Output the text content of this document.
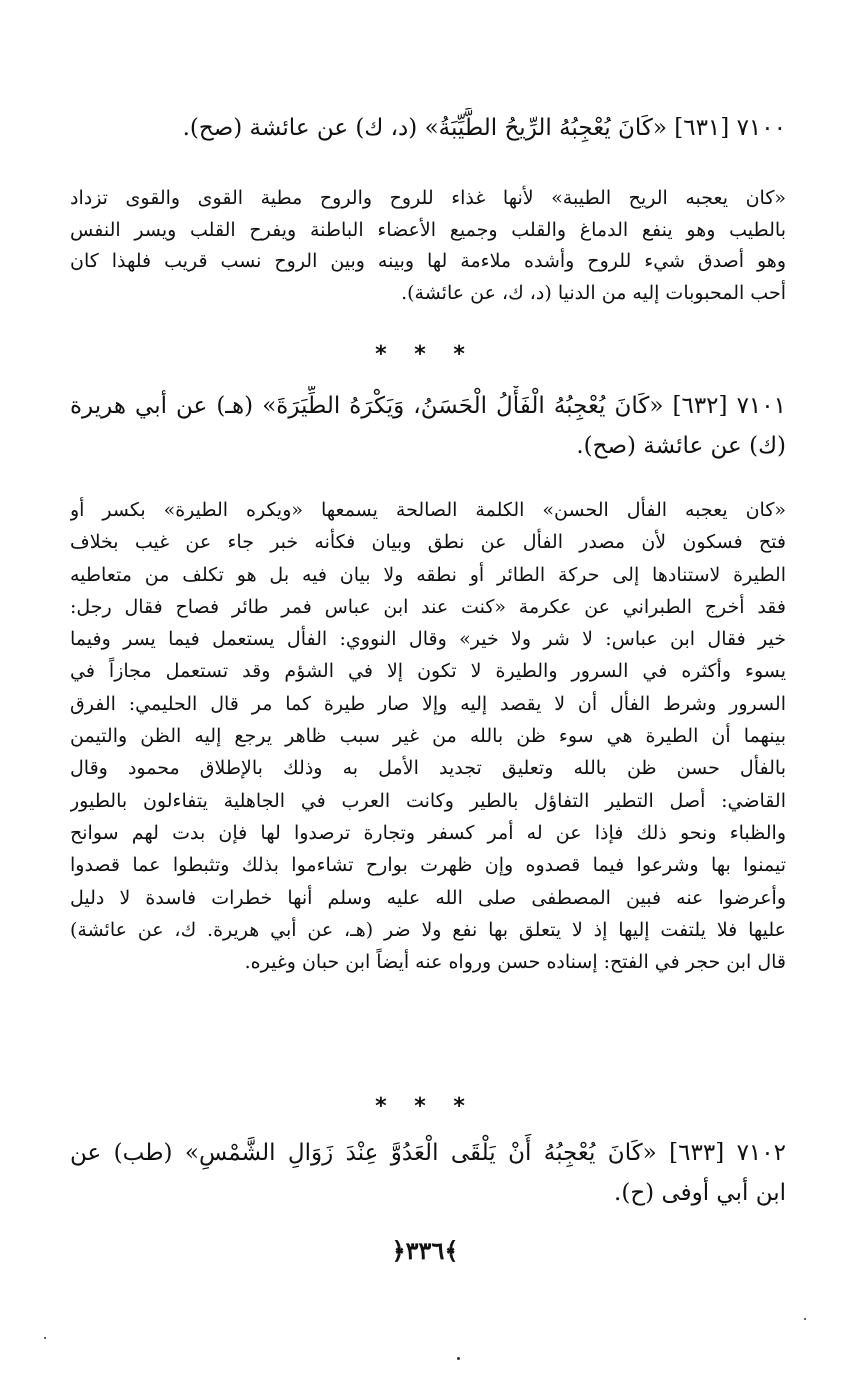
٧١٠٠ [٦٣١] «كَانَ يُعْجِبُهُ الرِّيحُ الطَّيِّبَةُ» (د، ك) عن عائشة (صح).
«كان يعجبه الريح الطيبة» لأنها غذاء للروح والروح مطية القوى والقوى تزداد
بالطيب وهو ينفع الدماغ والقلب وجميع الأعضاء الباطنة ويفرح القلب ويسر النفس
وهو أصدق شيء للروح وأشده ملاءمة لها وبينه وبين الروح نسب قريب فلهذا كان
أحب المحبوبات إليه من الدنيا (د، ك، عن عائشة).
* * *
٧١٠١ [٦٣٢] «كَانَ يُعْجِبُهُ الْفَأْلُ الْحَسَنُ، وَيَكْرَهُ الطِّيَرَةَ» (هـ) عن أبي هريرة
(ك) عن عائشة (صح).
«كان يعجبه الفأل الحسن» الكلمة الصالحة يسمعها «ويكره الطيرة» بكسر أو
فتح فسكون لأن مصدر الفأل عن نطق وبيان فكأنه خبر جاء عن غيب بخلاف
الطيرة لاستنادها إلى حركة الطائر أو نطقه ولا بيان فيه بل هو تكلف من متعاطيه
فقد أخرج الطبراني عن عكرمة «كنت عند ابن عباس فمر طائر فصاح فقال رجل:
خير فقال ابن عباس: لا شر ولا خير» وقال النووي: الفأل يستعمل فيما يسر وفيما
يسوء وأكثره في السرور والطيرة لا تكون إلا في الشؤم وقد تستعمل مجازاً في
السرور وشرط الفأل أن لا يقصد إليه وإلا صار طيرة كما مر قال الحليمي: الفرق
بينهما أن الطيرة هي سوء ظن بالله من غير سبب ظاهر يرجع إليه الظن والتيمن
بالفأل حسن ظن بالله وتعليق تجديد الأمل به وذلك بالإطلاق محمود وقال
القاضي: أصل التطير التفاؤل بالطير وكانت العرب في الجاهلية يتفاءلون بالطيور
والظباء ونحو ذلك فإذا عن له أمر كسفر وتجارة ترصدوا لها فإن بدت لهم سوانح
تيمنوا بها وشرعوا فيما قصدوه وإن ظهرت بوارح تشاءموا بذلك وتثبطوا عما قصدوا
وأعرضوا عنه فبين المصطفى صلى الله عليه وسلم أنها خطرات فاسدة لا دليل
عليها فلا يلتفت إليها إذ لا يتعلق بها نفع ولا ضر (هـ، عن أبي هريرة. ك، عن عائشة)
قال ابن حجر في الفتح: إسناده حسن ورواه عنه أيضاً ابن حبان وغيره.
* * *
٧١٠٢ [٦٣٣] «كَانَ يُعْجِبُهُ أَنْ يَلْقَى الْعَدُوَّ عِنْدَ زَوَالِ الشَّمْسِ» (طب) عن
ابن أبي أوفى (ح).
﴿٣٣٦﴾
